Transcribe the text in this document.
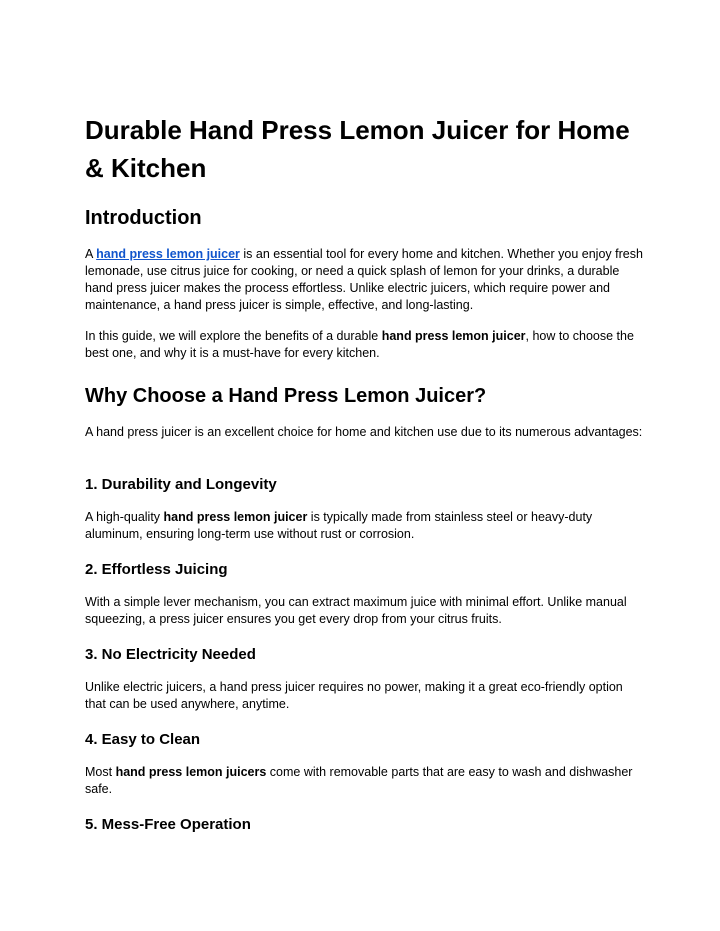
Durable Hand Press Lemon Juicer for Home & Kitchen
Introduction

A hand press lemon juicer is an essential tool for every home and kitchen. Whether you enjoy fresh lemonade, use citrus juice for cooking, or need a quick splash of lemon for your drinks, a durable hand press juicer makes the process effortless. Unlike electric juicers, which require power and maintenance, a hand press juicer is simple, effective, and long-lasting.

In this guide, we will explore the benefits of a durable hand press lemon juicer, how to choose the best one, and why it is a must-have for every kitchen.

Why Choose a Hand Press Lemon Juicer?

A hand press juicer is an excellent choice for home and kitchen use due to its numerous advantages:

1. Durability and Longevity

A high-quality hand press lemon juicer is typically made from stainless steel or heavy-duty aluminum, ensuring long-term use without rust or corrosion.

2. Effortless Juicing

With a simple lever mechanism, you can extract maximum juice with minimal effort. Unlike manual squeezing, a press juicer ensures you get every drop from your citrus fruits.

3. No Electricity Needed

Unlike electric juicers, a hand press juicer requires no power, making it a great eco-friendly option that can be used anywhere, anytime.

4. Easy to Clean

Most hand press lemon juicers come with removable parts that are easy to wash and dishwasher safe.

5. Mess-Free Operation
